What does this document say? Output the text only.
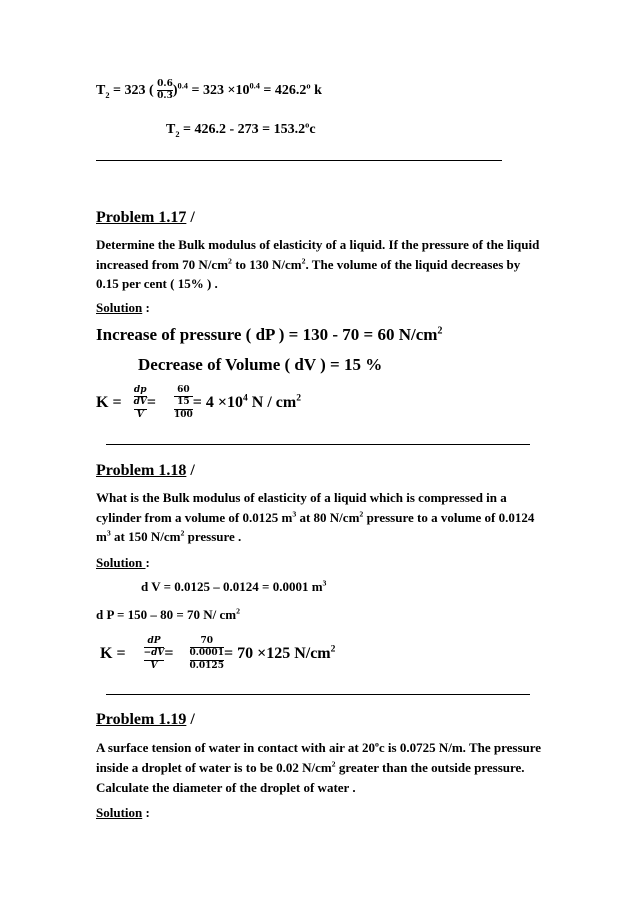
$T_2 = 323$ ( $\frac{0.6}{0.3} )^{0.4} = 323 \times 10^{0.4} = 426.2^o$ k
$T_2 = 426.2 - 273 = 153.2^oc$
Problem 1.17 /
Determine the Bulk modulus of elasticity of a liquid. If the pressure of the liquid
increased from 70 $N/cm^2$ to 130 $N/cm^2$. The volume of the liquid decreases by
0.15 per cent ( 15% ) .
Solution :
Increase of pressure ( dP ) = 130 - 70 = 60 $N/cm^2$
Decrease of Volume ( dV ) = 15 %
K =
dp
dV
V
=
60
15
100
= $4 \times 10^4$ N / $cm^2$
Problem 1.18 /
What is the Bulk modulus of elasticity of a liquid which is compressed in a
cylinder from a volume of 0.0125 $m^3$ at 80 $N/cm^2$ pressure to a volume of 0.0124
$m^3$ at 150 $N/cm^2$ pressure .
Solution :
d V = 0.0125 – 0.0124 = 0.0001 $m^3$
d P = 150 – 80 = 70 N/ $cm^2$
K =
dP
−dV
V
=
70
0.0001
0.0125
= 70 ×125 $N/cm^2$
Problem 1.19 /
A surface tension of water in contact with air at 20$^o$c is 0.0725 N/m. The pressure
inside a droplet of water is to be 0.02 $N/cm^2$ greater than the outside pressure.
Calculate the diameter of the droplet of water .
Solution :
